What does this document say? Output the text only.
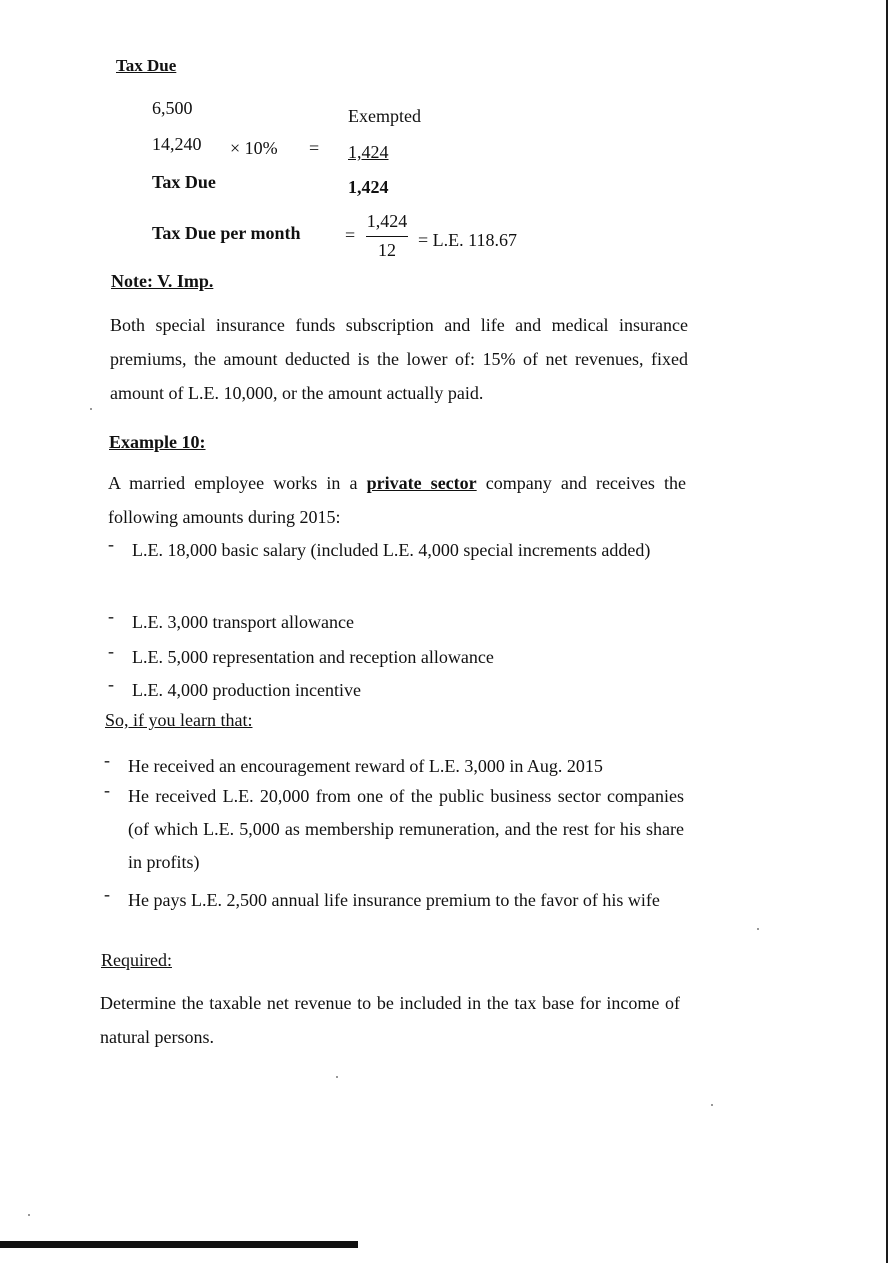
Tax Due
6,500	Exempted
14,240 × 10% = 1,424
Tax Due	1,424
Tax Due per month =
1,424
12	= L.E. 118.67
Note: V. Imp.
Both special insurance funds subscription and life and medical insurance premiums, the amount deducted is the lower of: 15% of net revenues, fixed amount of L.E. 10,000, or the amount actually paid.
Example 10:
A married employee works in a private sector company and receives the following amounts during 2015:
- L.E. 18,000 basic salary (included L.E. 4,000 special increments added)
- L.E. 3,000 transport allowance
- L.E. 5,000 representation and reception allowance
- L.E. 4,000 production incentive
So, if you learn that:
- He received an encouragement reward of L.E. 3,000 in Aug. 2015
- He received L.E. 20,000 from one of the public business sector companies (of which L.E. 5,000 as membership remuneration, and the rest for his share in profits)
- He pays L.E. 2,500 annual life insurance premium to the favor of his wife
Required:
Determine the taxable net revenue to be included in the tax base for income of natural persons.
